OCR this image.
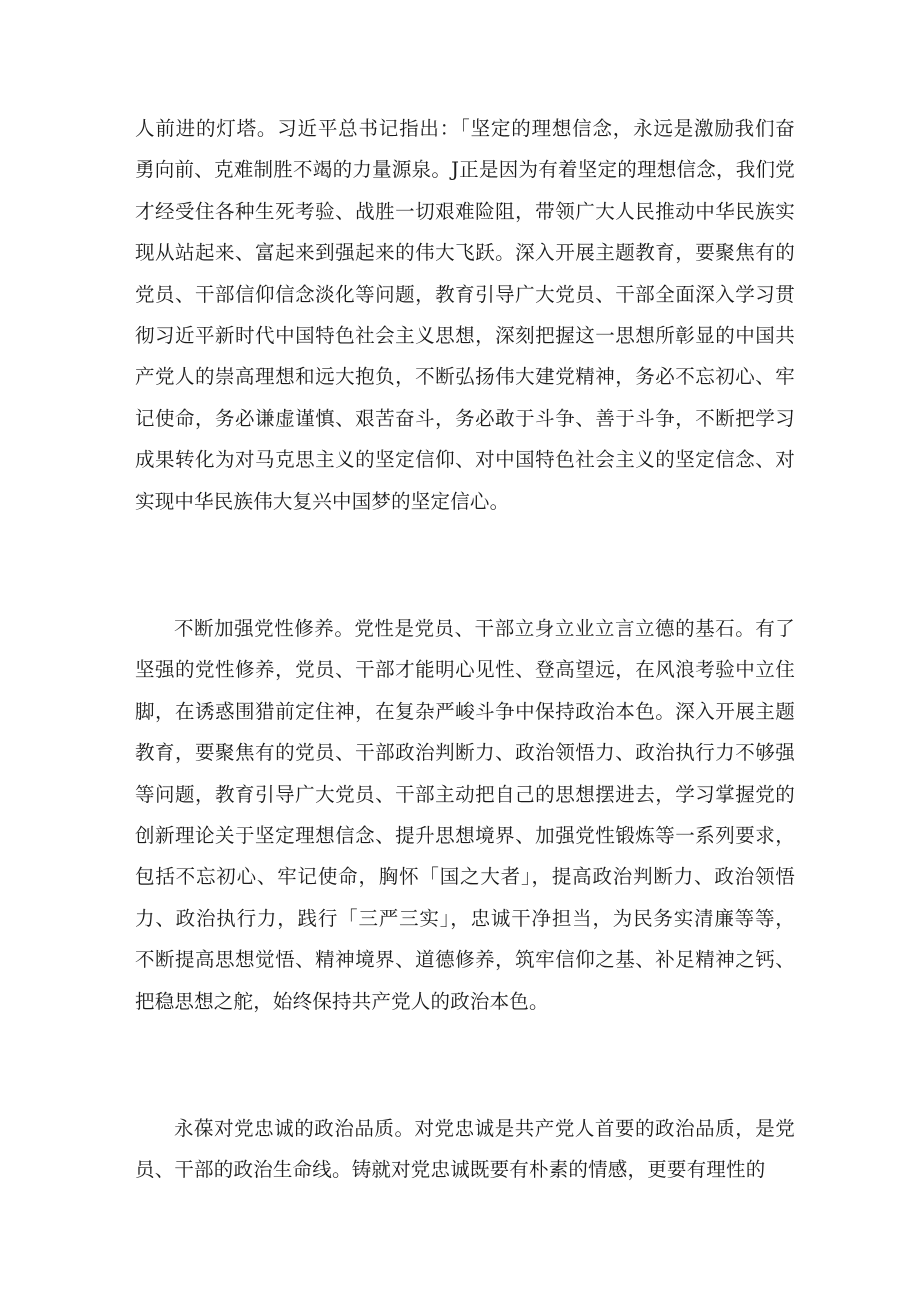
人前进的灯塔。习近平总书记指出：「坚定的理想信念，永远是激励我们奋勇向前、克难制胜不竭的力量源泉。J正是因为有着坚定的理想信念，我们党才经受住各种生死考验、战胜一切艰难险阻，带领广大人民推动中华民族实现从站起来、富起来到强起来的伟大飞跃。深入开展主题教育，要聚焦有的党员、干部信仰信念淡化等问题，教育引导广大党员、干部全面深入学习贯彻习近平新时代中国特色社会主义思想，深刻把握这一思想所彰显的中国共产党人的崇高理想和远大抱负，不断弘扬伟大建党精神，务必不忘初心、牢记使命，务必谦虚谨慎、艰苦奋斗，务必敢于斗争、善于斗争，不断把学习成果转化为对马克思主义的坚定信仰、对中国特色社会主义的坚定信念、对实现中华民族伟大复兴中国梦的坚定信心。

不断加强党性修养。党性是党员、干部立身立业立言立德的基石。有了坚强的党性修养，党员、干部才能明心见性、登高望远，在风浪考验中立住脚，在诱惑围猎前定住神，在复杂严峻斗争中保持政治本色。深入开展主题教育，要聚焦有的党员、干部政治判断力、政治领悟力、政治执行力不够强等问题，教育引导广大党员、干部主动把自己的思想摆进去，学习掌握党的创新理论关于坚定理想信念、提升思想境界、加强党性锻炼等一系列要求，包括不忘初心、牢记使命，胸怀「国之大者」，提高政治判断力、政治领悟力、政治执行力，践行「三严三实」，忠诚干净担当，为民务实清廉等等，不断提高思想觉悟、精神境界、道德修养，筑牢信仰之基、补足精神之钙、把稳思想之舵，始终保持共产党人的政治本色。

永葆对党忠诚的政治品质。对党忠诚是共产党人首要的政治品质，是党员、干部的政治生命线。铸就对党忠诚既要有朴素的情感，更要有理性的
